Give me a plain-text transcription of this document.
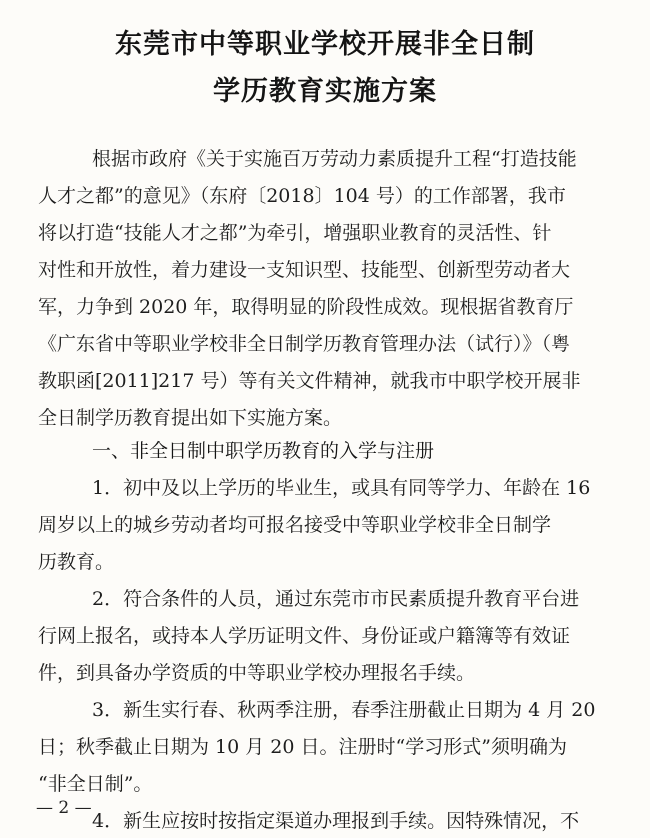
东莞市中等职业学校开展非全日制
学历教育实施方案
根据市政府《关于实施百万劳动力素质提升工程“打造技能
人才之都”的意见》（东府〔2018〕104 号）的工作部署，我市
将以打造“技能人才之都”为牵引，增强职业教育的灵活性、针
对性和开放性，着力建设一支知识型、技能型、创新型劳动者大
军，力争到 2020 年，取得明显的阶段性成效。现根据省教育厅
《广东省中等职业学校非全日制学历教育管理办法（试行）》（粤
教职函[2011]217 号）等有关文件精神，就我市中职学校开展非
全日制学历教育提出如下实施方案。
一、非全日制中职学历教育的入学与注册
1．初中及以上学历的毕业生，或具有同等学力、年龄在 16
周岁以上的城乡劳动者均可报名接受中等职业学校非全日制学
历教育。
2．符合条件的人员，通过东莞市市民素质提升教育平台进
行网上报名，或持本人学历证明文件、身份证或户籍簿等有效证
件，到具备办学资质的中等职业学校办理报名手续。
3．新生实行春、秋两季注册，春季注册截止日期为 4 月 20
日；秋季截止日期为 10 月 20 日。注册时“学习形式”须明确为
“非全日制”。
4．新生应按时按指定渠道办理报到手续。因特殊情况，不
— 2 —
